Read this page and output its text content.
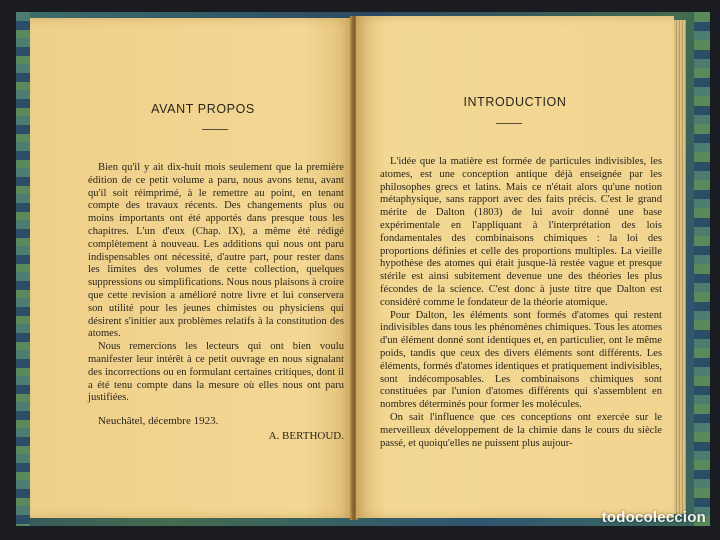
AVANT PROPOS

Bien qu'il y ait dix-huit mois seulement que la première édition de ce petit volume a paru, nous avons tenu, avant qu'il soit réimprimé, à le remettre au point, en tenant compte des travaux récents. Des changements plus ou moins importants ont été apportés dans presque tous les chapitres. L'un d'eux (Chap. IX), a même été rédigé complètement à nouveau. Les additions qui nous ont paru indispensables ont nécessité, d'autre part, pour rester dans les limites des volumes de cette collection, quelques suppressions ou simplifications. Nous nous plaisons à croire que cette revision a amélioré notre livre et lui conservera son utilité pour les jeunes chimistes ou physiciens qui désirent s'initier aux problèmes relatifs à la constitution des atomes.

Nous remercions les lecteurs qui ont bien voulu manifester leur intérêt à ce petit ouvrage en nous signalant des incorrections ou en formulant certaines critiques, dont il a été tenu compte dans la mesure où elles nous ont paru justifiées.

Neuchâtel, décembre 1923.
A. BERTHOUD.
INTRODUCTION

L'idée que la matière est formée de particules indivisibles, les atomes, est une conception antique déjà enseignée par les philosophes grecs et latins. Mais ce n'était alors qu'une notion métaphysique, sans rapport avec des faits précis. C'est le grand mérite de Dalton (1803) de lui avoir donné une base expérimentale en l'appliquant à l'interprétation des lois fondamentales des combinaisons chimiques : la loi des proportions définies et celle des proportions multiples. La vieille hypothèse des atomes qui était jusque-là restée vague et presque stérile est ainsi subitement devenue une des théories les plus fécondes de la science. C'est donc à juste titre que Dalton est considéré comme le fondateur de la théorie atomique.

Pour Dalton, les éléments sont formés d'atomes qui restent indivisibles dans tous les phénomènes chimiques. Tous les atomes d'un élément donné sont identiques et, en particulier, ont le même poids, tandis que ceux des divers éléments sont différents. Les éléments, formés d'atomes identiques et pratiquement indivisibles, sont indécomposables. Les combinaisons chimiques sont constituées par l'union d'atomes différents qui s'assemblent en nombres déterminés pour former les molécules.

On sait l'influence que ces conceptions ont exercée sur le merveilleux développement de la chimie dans le cours du siècle passé, et quoiqu'elles ne puissent plus aujour-

todocoleccion
